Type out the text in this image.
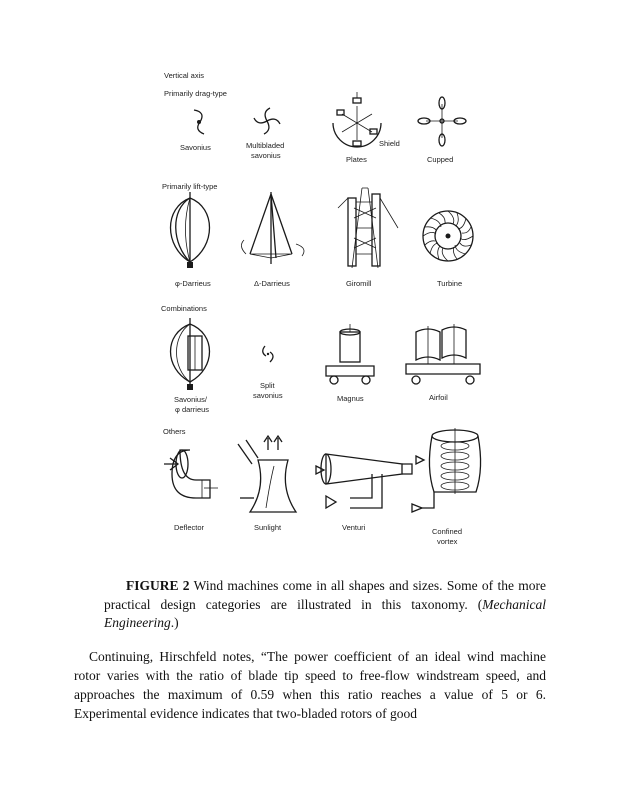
Vertical axis
Primarily drag-type
Primarily lift-type
Combinations
Others
Savonius	Multibladed
savonius	Plates
Shield
Cupped
φ-Darrieus	Δ-Darrieus	Giromill	Turbine
Savonius/
φ darrieus
Split
savonius	Magnus	Airfoil
Deflector	Sunlight	Venturi	Confined
vortex
FIGURE 2 Wind machines come in all shapes and sizes. Some of the more practical design categories are illustrated in this taxonomy. (Mechanical Engineering.)
Continuing, Hirschfeld notes, “The power coefficient of an ideal wind machine rotor varies with the ratio of blade tip speed to free-flow windstream speed, and approaches the maximum of 0.59 when this ratio reaches a value of 5 or 6. Experimental evidence indicates that two-bladed rotors of good
